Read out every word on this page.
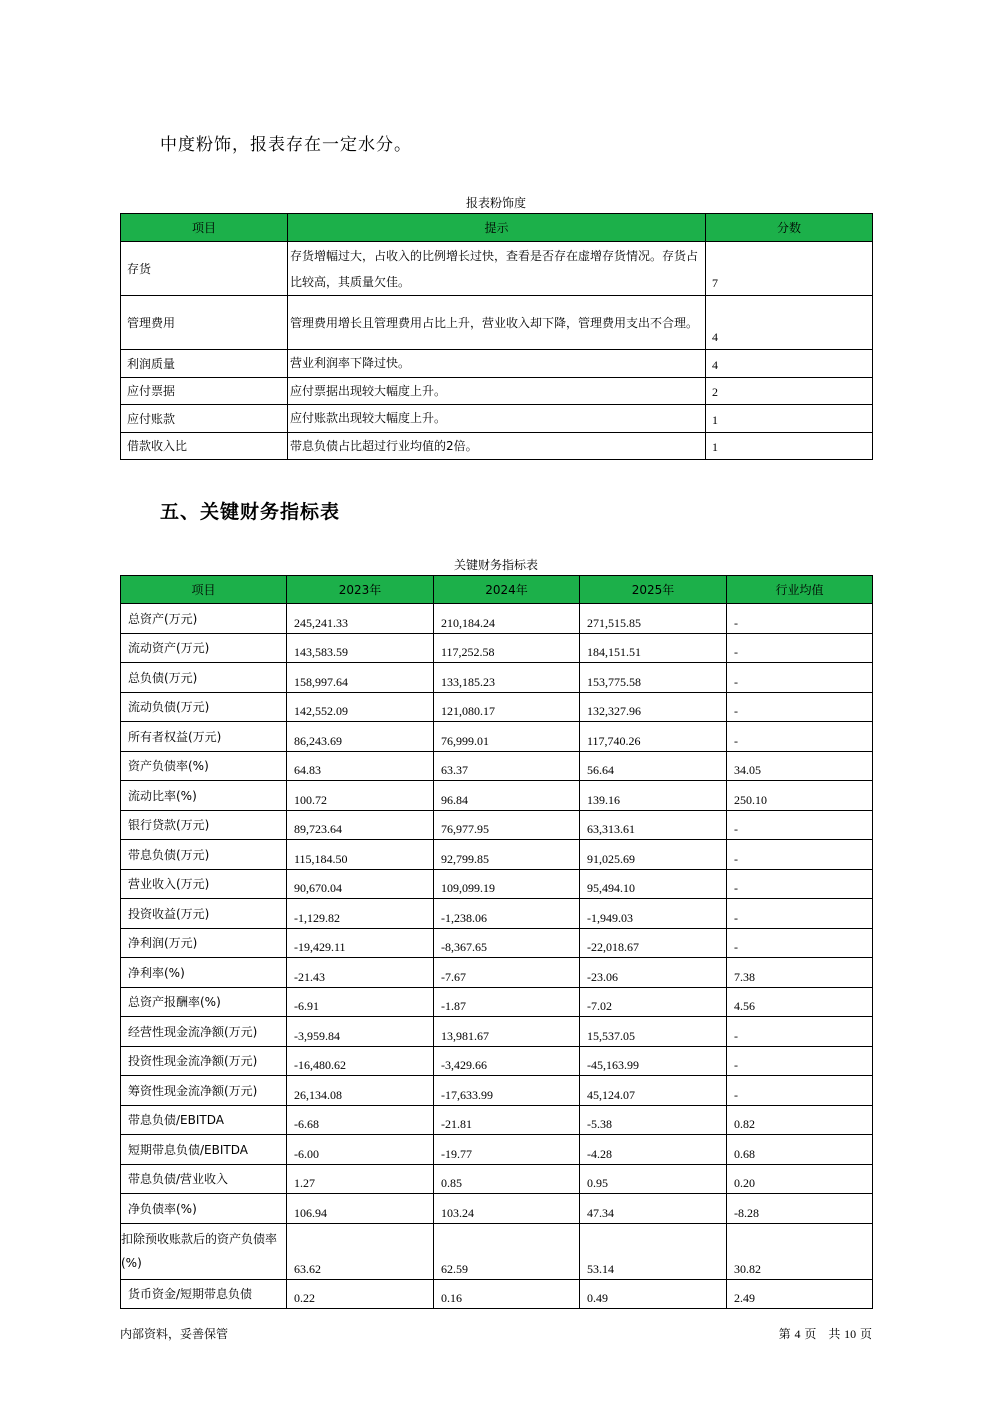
中度粉饰，报表存在一定水分。
报表粉饰度
项目	提示	分数
存货	存货增幅过大，占收入的比例增长过快，查看是否存在虚增存货情况。存货占比较高，其质量欠佳。	7
管理费用	管理费用增长且管理费用占比上升，营业收入却下降，管理费用支出不合理。	4
利润质量	营业利润率下降过快。	4
应付票据	应付票据出现较大幅度上升。	2
应付账款	应付账款出现较大幅度上升。	1
借款收入比	带息负债占比超过行业均值的2倍。	1
五、关键财务指标表
关键财务指标表
项目	2023年	2024年	2025年	行业均值
总资产(万元)	245,241.33	210,184.24	271,515.85	-
流动资产(万元)	143,583.59	117,252.58	184,151.51	-
总负债(万元)	158,997.64	133,185.23	153,775.58	-
流动负债(万元)	142,552.09	121,080.17	132,327.96	-
所有者权益(万元)	86,243.69	76,999.01	117,740.26	-
资产负债率(%)	64.83	63.37	56.64	34.05
流动比率(%)	100.72	96.84	139.16	250.10
银行贷款(万元)	89,723.64	76,977.95	63,313.61	-
带息负债(万元)	115,184.50	92,799.85	91,025.69	-
营业收入(万元)	90,670.04	109,099.19	95,494.10	-
投资收益(万元)	-1,129.82	-1,238.06	-1,949.03	-
净利润(万元)	-19,429.11	-8,367.65	-22,018.67	-
净利率(%)	-21.43	-7.67	-23.06	7.38
总资产报酬率(%)	-6.91	-1.87	-7.02	4.56
经营性现金流净额(万元)	-3,959.84	13,981.67	15,537.05	-
投资性现金流净额(万元)	-16,480.62	-3,429.66	-45,163.99	-
筹资性现金流净额(万元)	26,134.08	-17,633.99	45,124.07	-
带息负债/EBITDA	-6.68	-21.81	-5.38	0.82
短期带息负债/EBITDA	-6.00	-19.77	-4.28	0.68
带息负债/营业收入	1.27	0.85	0.95	0.20
净负债率(%)	106.94	103.24	47.34	-8.28
扣除预收账款后的资产负债率(%)	63.62	62.59	53.14	30.82
货币资金/短期带息负债	0.22	0.16	0.49	2.49
内部资料，妥善保管	第 4 页　共 10 页
